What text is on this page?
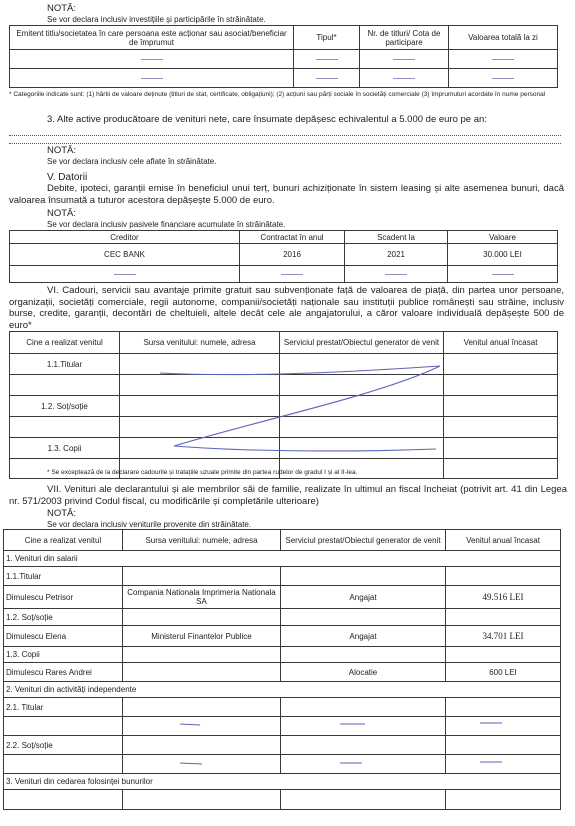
NOTĂ:
Se vor declara inclusiv investițiile și participările în străinătate.
Emitent titlu/societatea în care persoana este acționar sau asociat/beneficiar de împrumut	Tipul*	Nr. de titluri/ Cota de participare	Valoarea totală la zi

* Categoriile indicate sunt: (1) hârtii de valoare deținute (titluri de stat, certificate, obligațiuni); (2) acțiuni sau părți sociale în societăți comerciale (3) împrumuturi acordate în nume personal
3. Alte active producătoare de venituri nete, care însumate depășesc echivalentul a 5.000 de euro pe an:
NOTĂ:
Se vor declara inclusiv cele aflate în străinătate.
V. Datorii
Debite, ipoteci, garanții emise în beneficiul unui terț, bunuri achiziționate în sistem leasing și alte asemenea bunuri, dacă valoarea însumată a tuturor acestora depășește 5.000 de euro.
NOTĂ:
Se vor declara inclusiv pasivele financiare acumulate în străinătate.
Creditor	Contractat în anul	Scadent la	Valoare
CEC BANK	2016	2021	30.000 LEI

VI. Cadouri, servicii sau avantaje primite gratuit sau subvenționate față de valoarea de piață, din partea unor persoane, organizații, societăți comerciale, regii autonome, companii/societăți naționale sau instituții publice românești sau străine, inclusiv burse, credite, garanții, decontări de cheltuieli, altele decât cele ale angajatorului, a căror valoare individuală depășește 500 de euro*
Cine a realizat venitul	Sursa venitului: numele, adresa	Serviciul prestat/Obiectul generator de venit	Venitul anual încasat
1.1.Titular			

1.2. Soț/soție			

1.3. Copii			

* Se exceptează de la declarare cadourile și tratațiile uzuale primite din partea rudelor de gradul I și al II-lea.
VII. Venituri ale declarantului și ale membrilor săi de familie, realizate în ultimul an fiscal încheiat (potrivit art. 41 din Legea nr. 571/2003 privind Codul fiscal, cu modificările și completările ulterioare)
NOTĂ:
Se vor declara inclusiv veniturile provenite din străinătate.
Cine a realizat venitul	Sursa venitului: numele, adresa	Serviciul prestat/Obiectul generator de venit	Venitul anual încasat
1. Venituri din salarii			
1.1.Titular			
Dimulescu Petrisor	Compania Nationala Imprimeria Nationala SA	Angajat	49.516 LEI
1.2. Soț/soție			
Dimulescu Elena	Ministerul Finantelor Publice	Angajat	34.701 LEI
1.3. Copii			
Dimulescu Rares Andrei		Alocatie	600 LEI
2. Venituri din activități independente			
2.1. Titular			

2.2. Soț/soție			

3. Venituri din cedarea folosinței bunurilor			
